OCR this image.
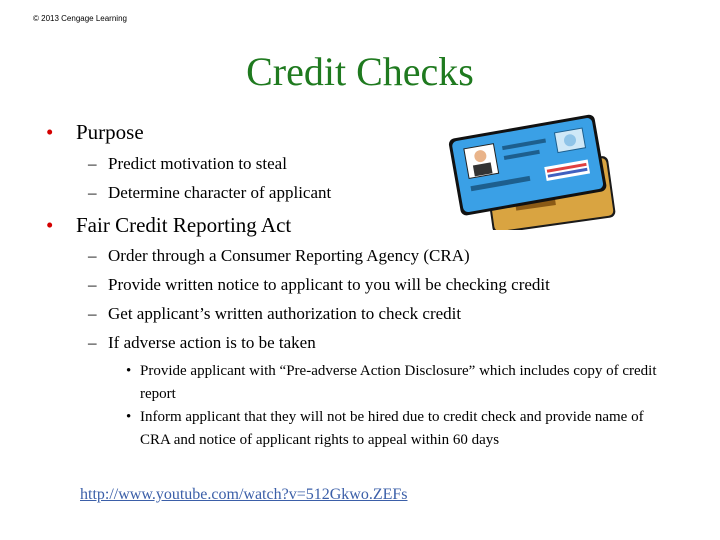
© 2013 Cengage Learning
Credit Checks
• Purpose
– Predict motivation to steal
– Determine character of applicant
• Fair Credit Reporting Act
– Order through a Consumer Reporting Agency (CRA)
– Provide written notice to applicant to you will be checking credit
– Get applicant’s written authorization to check credit
– If adverse action is to be taken
• Provide applicant with “Pre-adverse Action Disclosure” which includes copy of credit report
• Inform applicant that they will not be hired due to credit check and provide name of CRA and notice of applicant rights to appeal within 60 days
http://www.youtube.com/watch?v=512Gkwo.ZEFs
